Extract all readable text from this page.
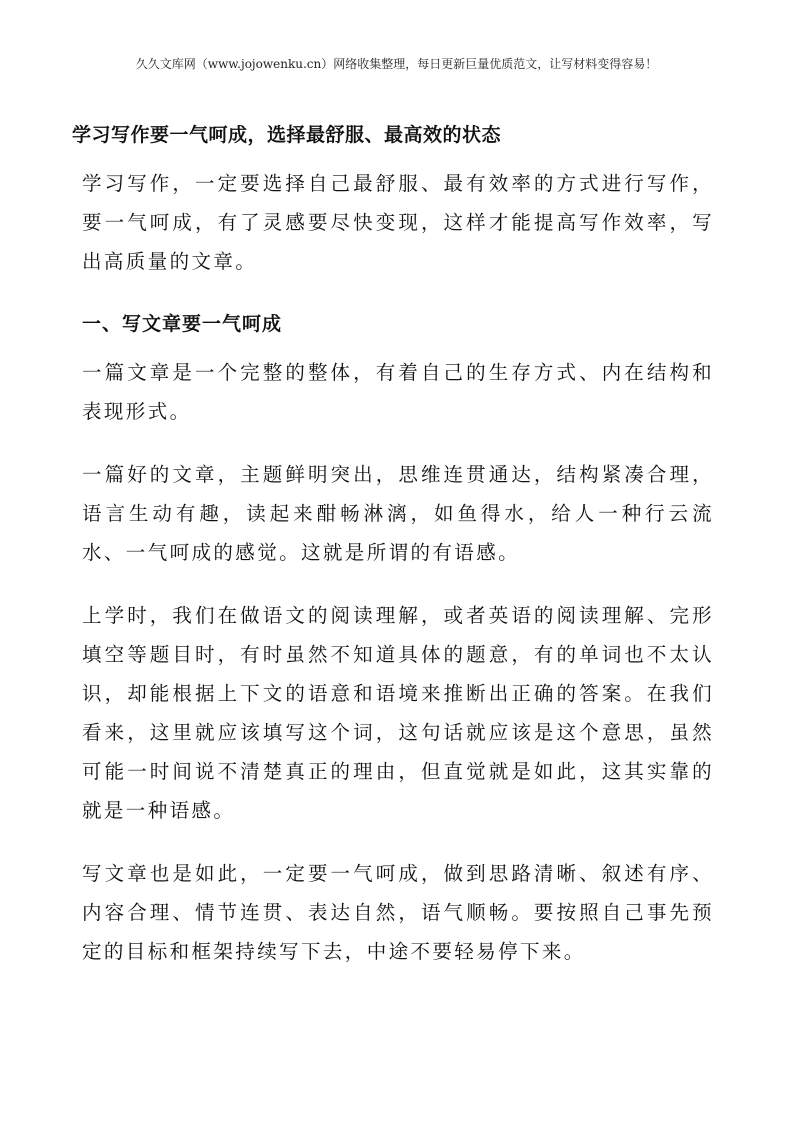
久久文库网（www.jojowenku.cn）网络收集整理，每日更新巨量优质范文，让写材料变得容易！
学习写作要一气呵成，选择最舒服、最高效的状态

学习写作，一定要选择自己最舒服、最有效率的方式进行写作，要一气呵成，有了灵感要尽快变现，这样才能提高写作效率，写出高质量的文章。

一、写文章要一气呵成

一篇文章是一个完整的整体，有着自己的生存方式、内在结构和表现形式。

一篇好的文章，主题鲜明突出，思维连贯通达，结构紧凑合理，语言生动有趣，读起来酣畅淋漓，如鱼得水，给人一种行云流水、一气呵成的感觉。这就是所谓的有语感。

上学时，我们在做语文的阅读理解，或者英语的阅读理解、完形填空等题目时，有时虽然不知道具体的题意，有的单词也不太认识，却能根据上下文的语意和语境来推断出正确的答案。在我们看来，这里就应该填写这个词，这句话就应该是这个意思，虽然可能一时间说不清楚真正的理由，但直觉就是如此，这其实靠的就是一种语感。

写文章也是如此，一定要一气呵成，做到思路清晰、叙述有序、内容合理、情节连贯、表达自然，语气顺畅。要按照自己事先预定的目标和框架持续写下去，中途不要轻易停下来。
